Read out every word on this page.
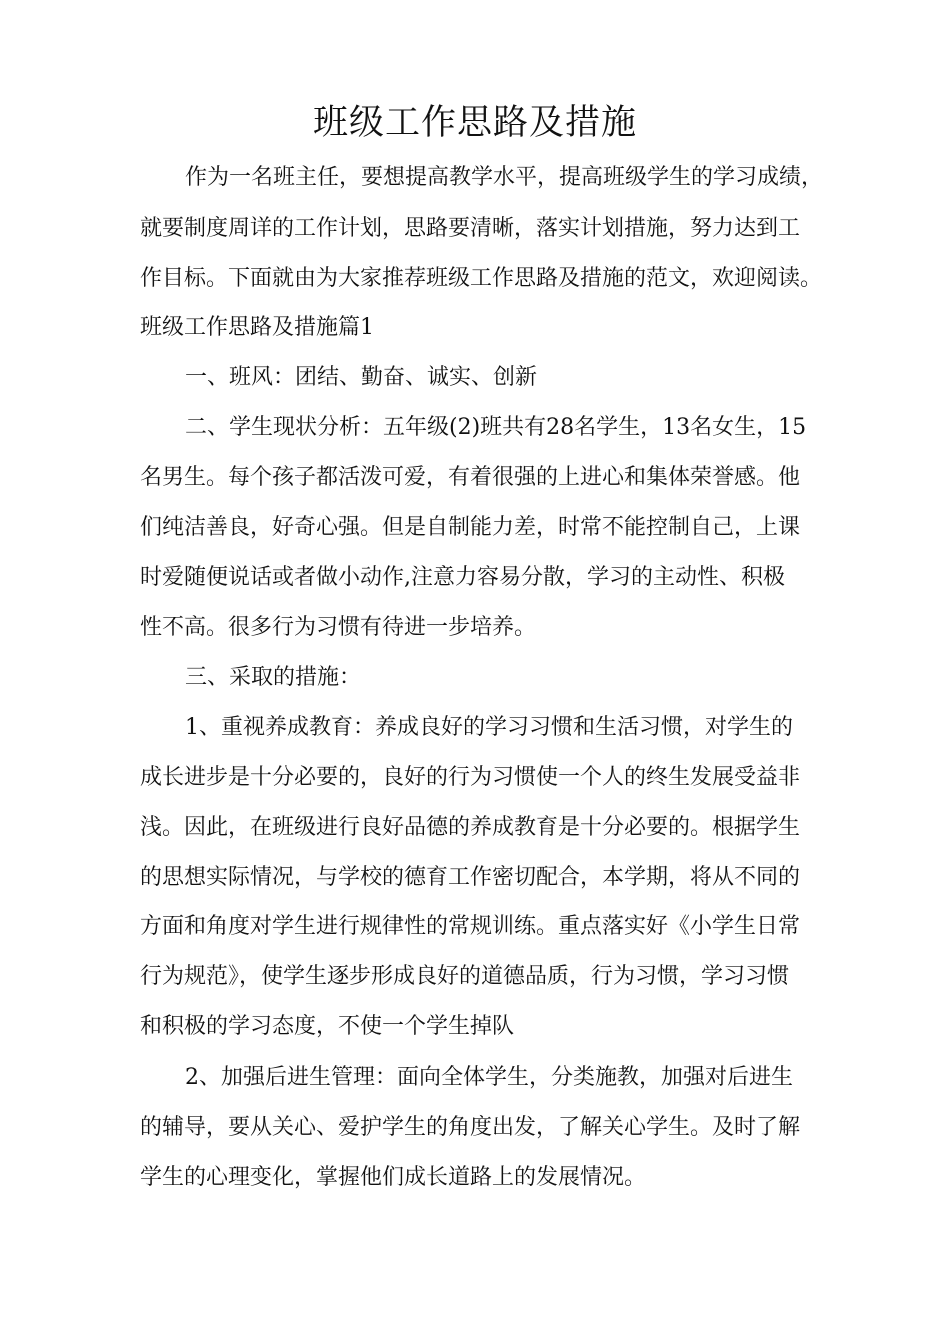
班级工作思路及措施
作为一名班主任，要想提高教学水平，提高班级学生的学习成绩，
就要制度周详的工作计划，思路要清晰，落实计划措施，努力达到工
作目标。下面就由为大家推荐班级工作思路及措施的范文，欢迎阅读。
班级工作思路及措施篇1
一、班风：团结、勤奋、诚实、创新
二、学生现状分析：五年级(2)班共有28名学生，13名女生，15
名男生。每个孩子都活泼可爱，有着很强的上进心和集体荣誉感。他
们纯洁善良，好奇心强。但是自制能力差，时常不能控制自己，上课
时爱随便说话或者做小动作,注意力容易分散，学习的主动性、积极
性不高。很多行为习惯有待进一步培养。
三、采取的措施：
1、重视养成教育：养成良好的学习习惯和生活习惯，对学生的
成长进步是十分必要的，良好的行为习惯使一个人的终生发展受益非
浅。因此，在班级进行良好品德的养成教育是十分必要的。根据学生
的思想实际情况，与学校的德育工作密切配合，本学期，将从不同的
方面和角度对学生进行规律性的常规训练。重点落实好《小学生日常
行为规范》，使学生逐步形成良好的道德品质，行为习惯，学习习惯
和积极的学习态度，不使一个学生掉队
2、加强后进生管理：面向全体学生，分类施教，加强对后进生
的辅导，要从关心、爱护学生的角度出发，了解关心学生。及时了解
学生的心理变化，掌握他们成长道路上的发展情况。
